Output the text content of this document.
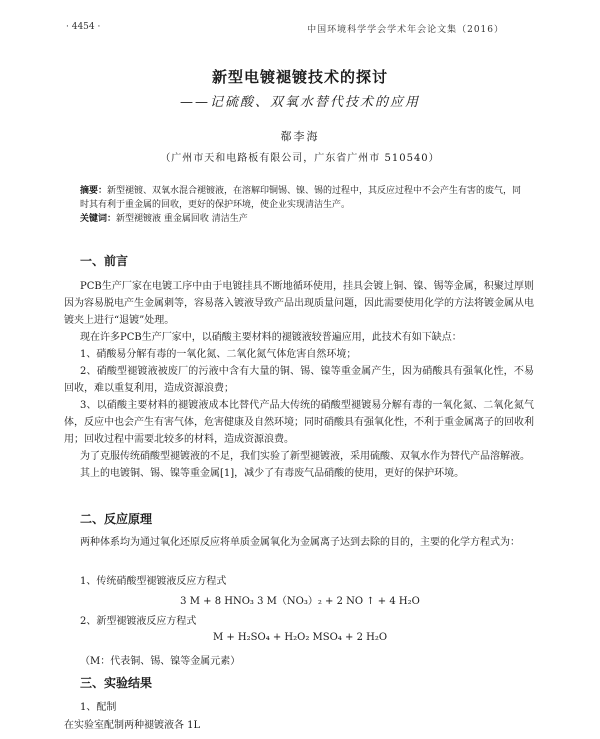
· 4454 ·	中国环境科学学会学术年会论文集（2016）
新型电镀褪镀技术的探讨
——记硫酸、双氧水替代技术的应用
郗李海
（广州市天和电路板有限公司，广东省广州市 510540）
摘要：新型褪镀、双氧水混合褪镀液，在溶解印铜锡、镍、锡的过程中，其反应过程中不会产生有害的废气，同时其有利于重金属的回收，更好的保护环境，使企业实现清洁生产。
关键词：新型褪镀液 重金属回收 清洁生产
一、前言

PCB生产厂家在电镀工序中由于电镀挂具不断地循环使用，挂具会镀上铜、镍、锡等金属，积聚过厚则因为容易脱电产生金属刺等，容易落入镀液导致产品出现质量问题，因此需要使用化学的方法将镀金属从电镀夹上进行“退镀”处理。

现在许多PCB生产厂家中，以硝酸主要材料的褪镀液较普遍应用，此技术有如下缺点：

1、硝酸易分解有毒的一氧化氮、二氧化氮气体危害自然环境；

2、硝酸型褪镀液被废厂的污液中含有大量的铜、锡、镍等重金属产生，因为硝酸具有强氧化性，不易回收，难以重复利用，造成资源浪费；

3、以硝酸主要材料的褪镀液成本比替代产品大传统的硝酸型褪镀易分解有毒的一氧化氮、二氧化氮气体，反应中也会产生有害气体，危害健康及自然环境；同时硝酸具有强氧化性，不利于重金属离子的回收利用；回收过程中需要北较多的材料，造成资源浪费。

为了克服传统硝酸型褪镀液的不足，我们实验了新型褪镀液，采用硫酸、双氧水作为替代产品溶解液。

其上的电镀铜、锡、镍等重金属[1]，减少了有毒废气品硝酸的使用，更好的保护环境。

二、反应原理

两种体系均为通过氧化还原反应将单质金属氧化为金属离子达到去除的目的，主要的化学方程式为：

1、传统硝酸型褪镀液反应方程式
3 M + 8 HNO₃ 3 M（NO₃）₂ + 2 NO ↑ + 4 H₂O
2、新型褪镀液反应方程式
M + H₂SO₄ + H₂O₂ MSO₄ + 2 H₂O
（M：代表铜、锡、镍等金属元素）
三、实验结果
1、配制
在实验室配制两种褪镀液各 1L
